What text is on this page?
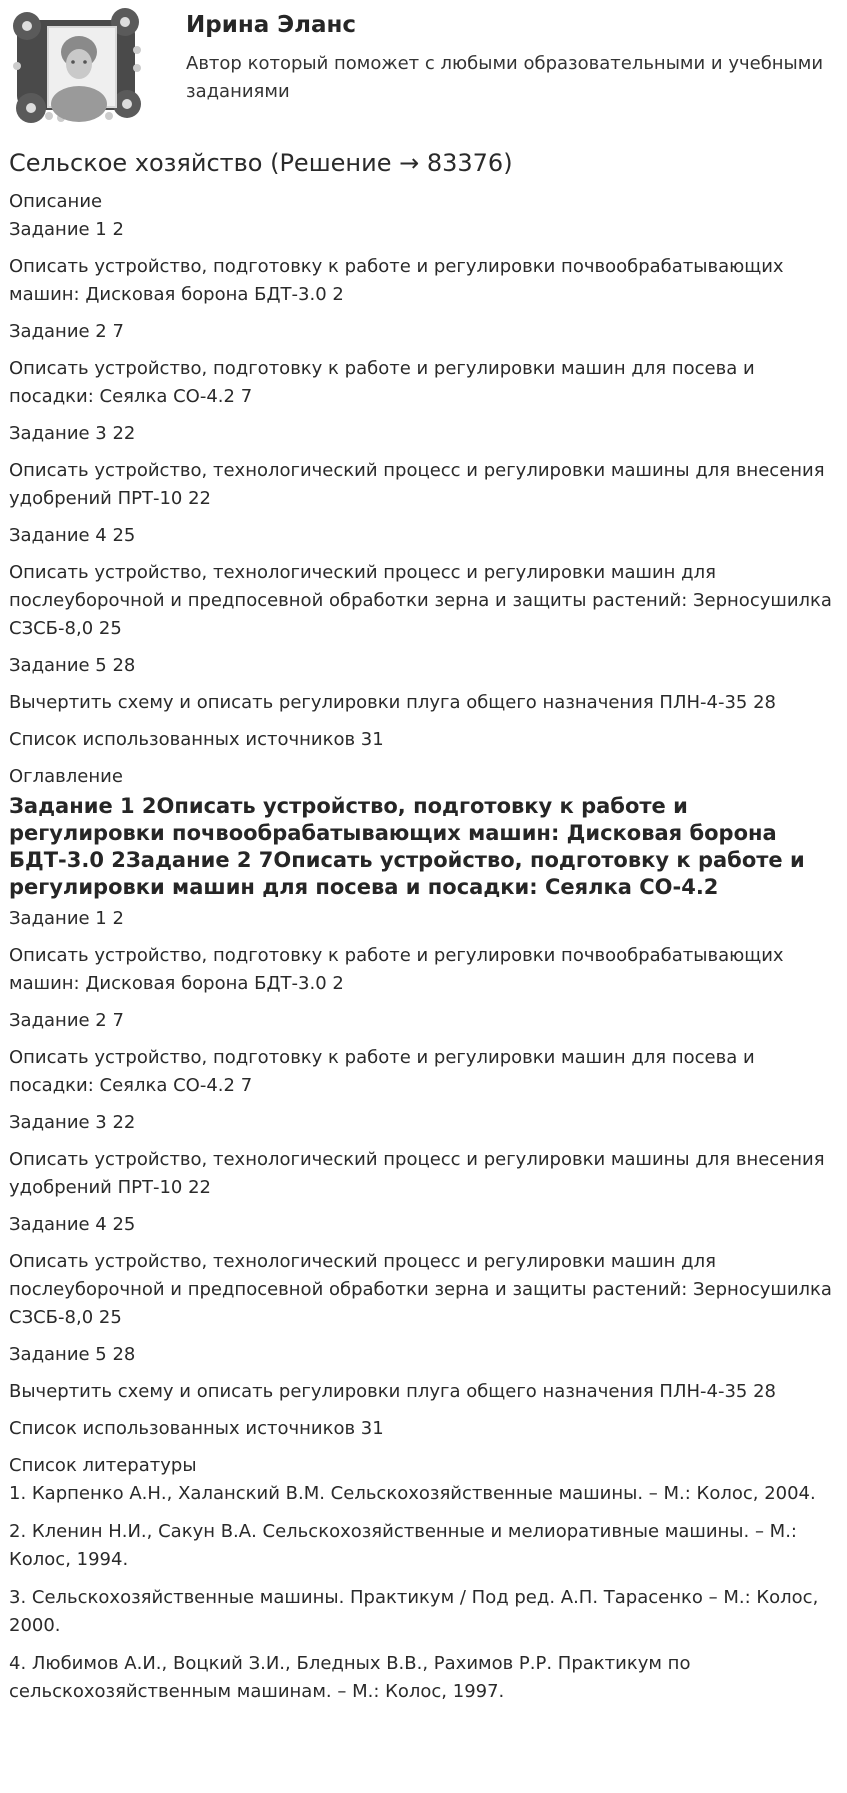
Ирина Эланс

Автор который поможет с любыми образовательными и учебными заданиями

Сельское хозяйство (Решение → 83376)

Описание

Задание 1 2

Описать устройство, подготовку к работе и регулировки почвообрабатывающих машин: Дисковая борона БДТ-3.0 2

Задание 2 7

Описать устройство, подготовку к работе и регулировки машин для посева и посадки: Сеялка СО-4.2 7

Задание 3 22

Описать устройство, технологический процесс и регулировки машины для внесения удобрений ПРТ-10 22

Задание 4 25

Описать устройство, технологический процесс и регулировки машин для послеуборочной и предпосевной обработки зерна и защиты растений: Зерносушилка СЗСБ-8,0 25

Задание 5 28

Вычертить схему и описать регулировки плуга общего назначения ПЛН-4-35 28

Список использованных источников 31

Оглавление

Задание 1 2Описать устройство, подготовку к работе и регулировки почвообрабатывающих машин: Дисковая борона БДТ-3.0 2Задание 2 7Описать устройство, подготовку к работе и регулировки машин для посева и посадки: Сеялка СО-4.2

Задание 1 2

Описать устройство, подготовку к работе и регулировки почвообрабатывающих машин: Дисковая борона БДТ-3.0 2

Задание 2 7

Описать устройство, подготовку к работе и регулировки машин для посева и посадки: Сеялка СО-4.2 7

Задание 3 22

Описать устройство, технологический процесс и регулировки машины для внесения удобрений ПРТ-10 22

Задание 4 25

Описать устройство, технологический процесс и регулировки машин для послеуборочной и предпосевной обработки зерна и защиты растений: Зерносушилка СЗСБ-8,0 25

Задание 5 28

Вычертить схему и описать регулировки плуга общего назначения ПЛН-4-35 28

Список использованных источников 31

Список литературы

1. Карпенко А.Н., Халанский В.М. Сельскохозяйственные машины. – М.: Колос, 2004.

2. Кленин Н.И., Сакун В.А. Сельскохозяйственные и мелиоративные машины. – М.: Колос, 1994.

3. Сельскохозяйственные машины. Практикум / Под ред. А.П. Тарасенко – М.: Колос, 2000.

4. Любимов А.И., Воцкий З.И., Бледных В.В., Рахимов Р.Р. Практикум по сельскохозяйственным машинам. – М.: Колос, 1997.
